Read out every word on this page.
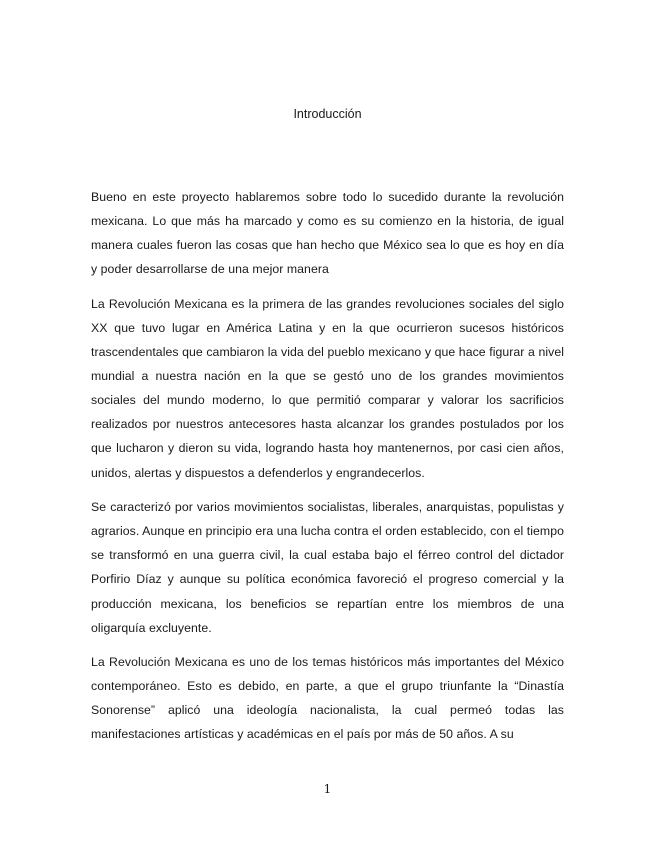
Introducción

Bueno en este proyecto hablaremos sobre todo lo sucedido durante la revolución mexicana. Lo que más ha marcado y como es su comienzo en la historia, de igual manera cuales fueron las cosas que han hecho que México sea lo que es hoy en día y poder desarrollarse de una mejor manera

La Revolución Mexicana es la primera de las grandes revoluciones sociales del siglo XX que tuvo lugar en América Latina y en la que ocurrieron sucesos históricos trascendentales que cambiaron la vida del pueblo mexicano y que hace figurar a nivel mundial a nuestra nación en la que se gestó uno de los grandes movimientos sociales del mundo moderno, lo que permitió comparar y valorar los sacrificios realizados por nuestros antecesores hasta alcanzar los grandes postulados por los que lucharon y dieron su vida, logrando hasta hoy mantenernos, por casi cien años, unidos, alertas y dispuestos a defenderlos y engrandecerlos.

Se caracterizó por varios movimientos socialistas, liberales, anarquistas, populistas y agrarios. Aunque en principio era una lucha contra el orden establecido, con el tiempo se transformó en una guerra civil, la cual estaba bajo el férreo control del dictador Porfirio Díaz y aunque su política económica favoreció el progreso comercial y la producción mexicana, los beneficios se repartían entre los miembros de una oligarquía excluyente.

La Revolución Mexicana es uno de los temas históricos más importantes del México contemporáneo. Esto es debido, en parte, a que el grupo triunfante la “Dinastía Sonorense” aplicó una ideología nacionalista, la cual permeó todas las manifestaciones artísticas y académicas en el país por más de 50 años. A su

1
